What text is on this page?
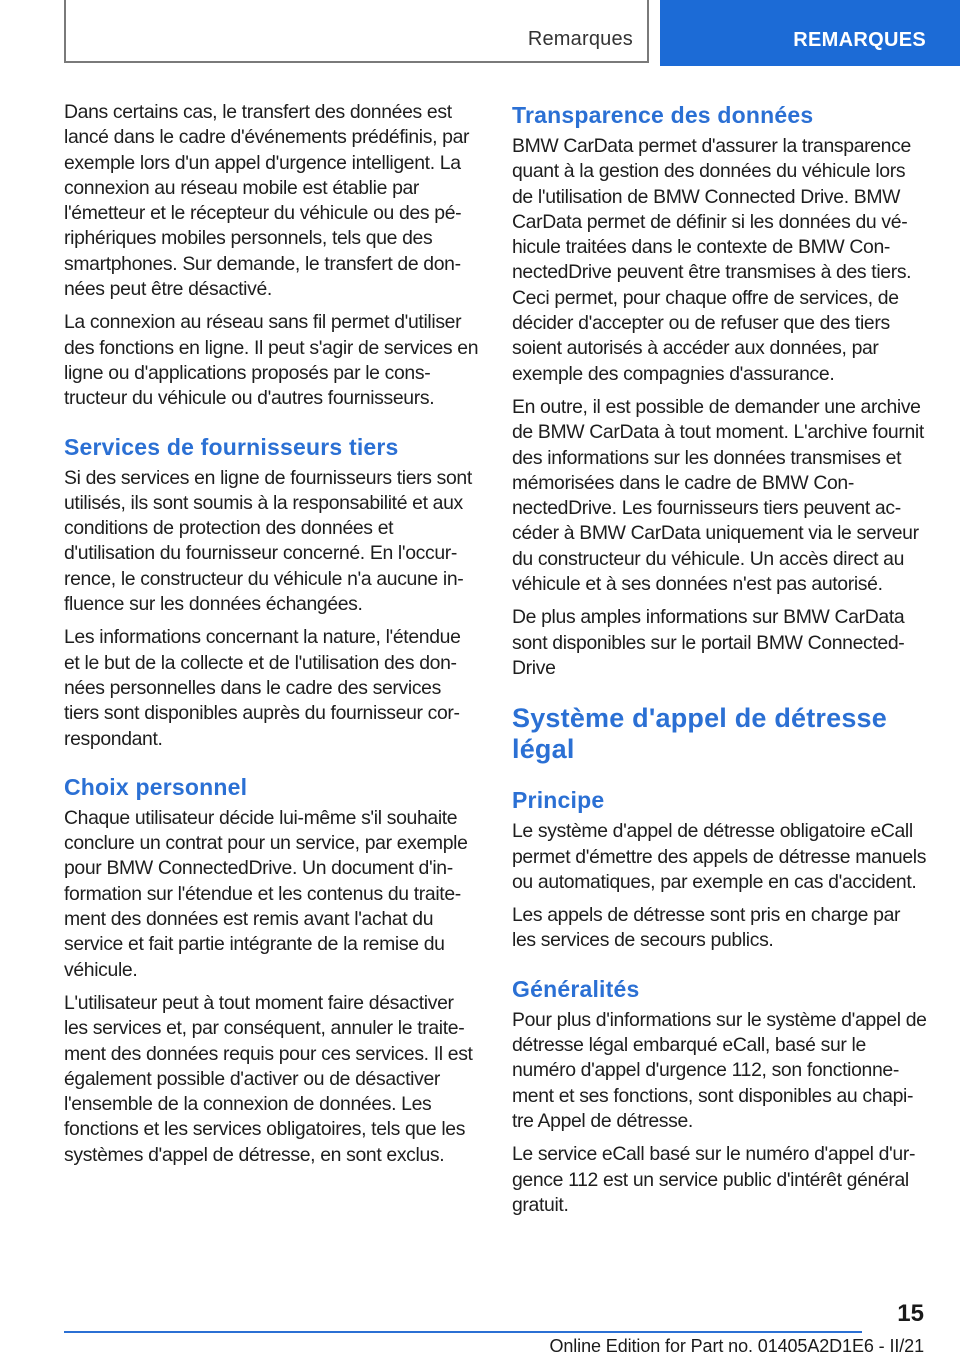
Remarques	REMARQUES

Dans certains cas, le transfert des données est lancé dans le cadre d'événements prédéfinis, par exemple lors d'un appel d'urgence intelligent. La connexion au réseau mobile est établie par l'émetteur et le récepteur du véhicule ou des périphériques mobiles personnels, tels que des smartphones. Sur demande, le transfert de données peut être désactivé.

La connexion au réseau sans fil permet d'utiliser des fonctions en ligne. Il peut s'agir de services en ligne ou d'applications proposés par le constructeur du véhicule ou d'autres fournisseurs.

Services de fournisseurs tiers

Si des services en ligne de fournisseurs tiers sont utilisés, ils sont soumis à la responsabilité et aux conditions de protection des données et d'utilisation du fournisseur concerné. En l'occurrence, le constructeur du véhicule n'a aucune influence sur les données échangées.

Les informations concernant la nature, l'étendue et le but de la collecte et de l'utilisation des données personnelles dans le cadre des services tiers sont disponibles auprès du fournisseur correspondant.

Choix personnel

Chaque utilisateur décide lui-même s'il souhaite conclure un contrat pour un service, par exemple pour BMW ConnectedDrive. Un document d'information sur l'étendue et les contenus du traitement des données est remis avant l'achat du service et fait partie intégrante de la remise du véhicule.

L'utilisateur peut à tout moment faire désactiver les services et, par conséquent, annuler le traitement des données requis pour ces services. Il est également possible d'activer ou de désactiver l'ensemble de la connexion de données. Les fonctions et les services obligatoires, tels que les systèmes d'appel de détresse, en sont exclus.

Transparence des données

BMW CarData permet d'assurer la transparence quant à la gestion des données du véhicule lors de l'utilisation de BMW Connected Drive. BMW CarData permet de définir si les données du véhicule traitées dans le contexte de BMW ConnectedDrive peuvent être transmises à des tiers. Ceci permet, pour chaque offre de services, de décider d'accepter ou de refuser que des tiers soient autorisés à accéder aux données, par exemple des compagnies d'assurance.

En outre, il est possible de demander une archive de BMW CarData à tout moment. L'archive fournit des informations sur les données transmises et mémorisées dans le cadre de BMW ConnectedDrive. Les fournisseurs tiers peuvent accéder à BMW CarData uniquement via le serveur du constructeur du véhicule. Un accès direct au véhicule et à ses données n'est pas autorisé.

De plus amples informations sur BMW CarData sont disponibles sur le portail BMW ConnectedDrive

Système d'appel de détresse légal
Principe

Le système d'appel de détresse obligatoire eCall permet d'émettre des appels de détresse manuels ou automatiques, par exemple en cas d'accident.

Les appels de détresse sont pris en charge par les services de secours publics.

Généralités

Pour plus d'informations sur le système d'appel de détresse légal embarqué eCall, basé sur le numéro d'appel d'urgence 112, son fonctionnement et ses fonctions, sont disponibles au chapitre Appel de détresse.

Le service eCall basé sur le numéro d'appel d'urgence 112 est un service public d'intérêt général gratuit.

15
Online Edition for Part no. 01405A2D1E6 - II/21
